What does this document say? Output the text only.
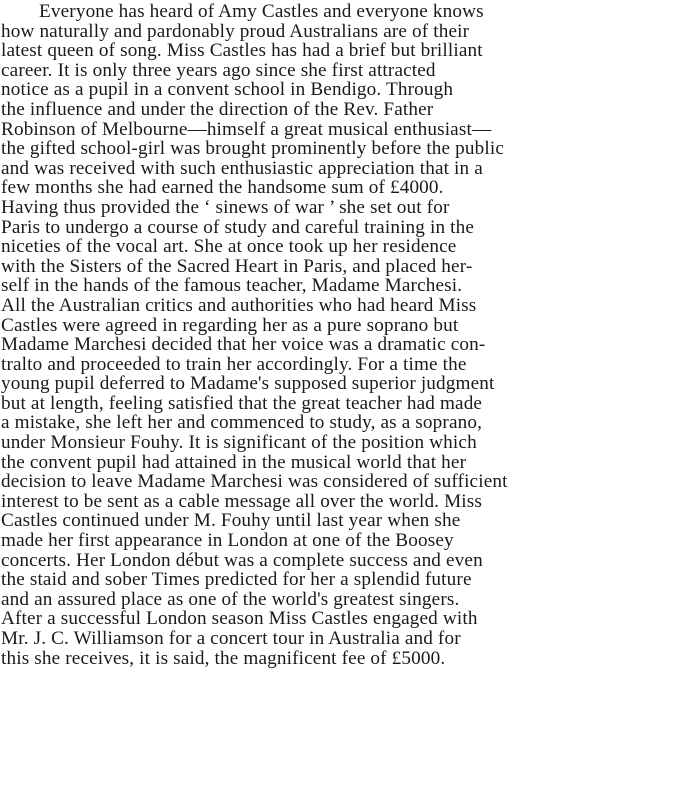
Everyone has heard of Amy Castles and everyone knows
how naturally and pardonably proud Australians are of their
latest queen of song. Miss Castles has had a brief but brilliant
career. It is only three years ago since she first attracted
notice as a pupil in a convent school in Bendigo. Through
the influence and under the direction of the Rev. Father
Robinson of Melbourne—himself a great musical enthusiast—
the gifted school-girl was brought prominently before the public
and was received with such enthusiastic appreciation that in a
few months she had earned the handsome sum of £4000.
Having thus provided the ‘ sinews of war ’ she set out for
Paris to undergo a course of study and careful training in the
niceties of the vocal art. She at once took up her residence
with the Sisters of the Sacred Heart in Paris, and placed her-
self in the hands of the famous teacher, Madame Marchesi.
All the Australian critics and authorities who had heard Miss
Castles were agreed in regarding her as a pure soprano but
Madame Marchesi decided that her voice was a dramatic con-
tralto and proceeded to train her accordingly. For a time the
young pupil deferred to Madame's supposed superior judgment
but at length, feeling satisfied that the great teacher had made
a mistake, she left her and commenced to study, as a soprano,
under Monsieur Fouhy. It is significant of the position which
the convent pupil had attained in the musical world that her
decision to leave Madame Marchesi was considered of sufficient
interest to be sent as a cable message all over the world. Miss
Castles continued under M. Fouhy until last year when she
made her first appearance in London at one of the Boosey
concerts. Her London début was a complete success and even
the staid and sober Times predicted for her a splendid future
and an assured place as one of the world's greatest singers.
After a successful London season Miss Castles engaged with
Mr. J. C. Williamson for a concert tour in Australia and for
this she receives, it is said, the magnificent fee of £5000.
